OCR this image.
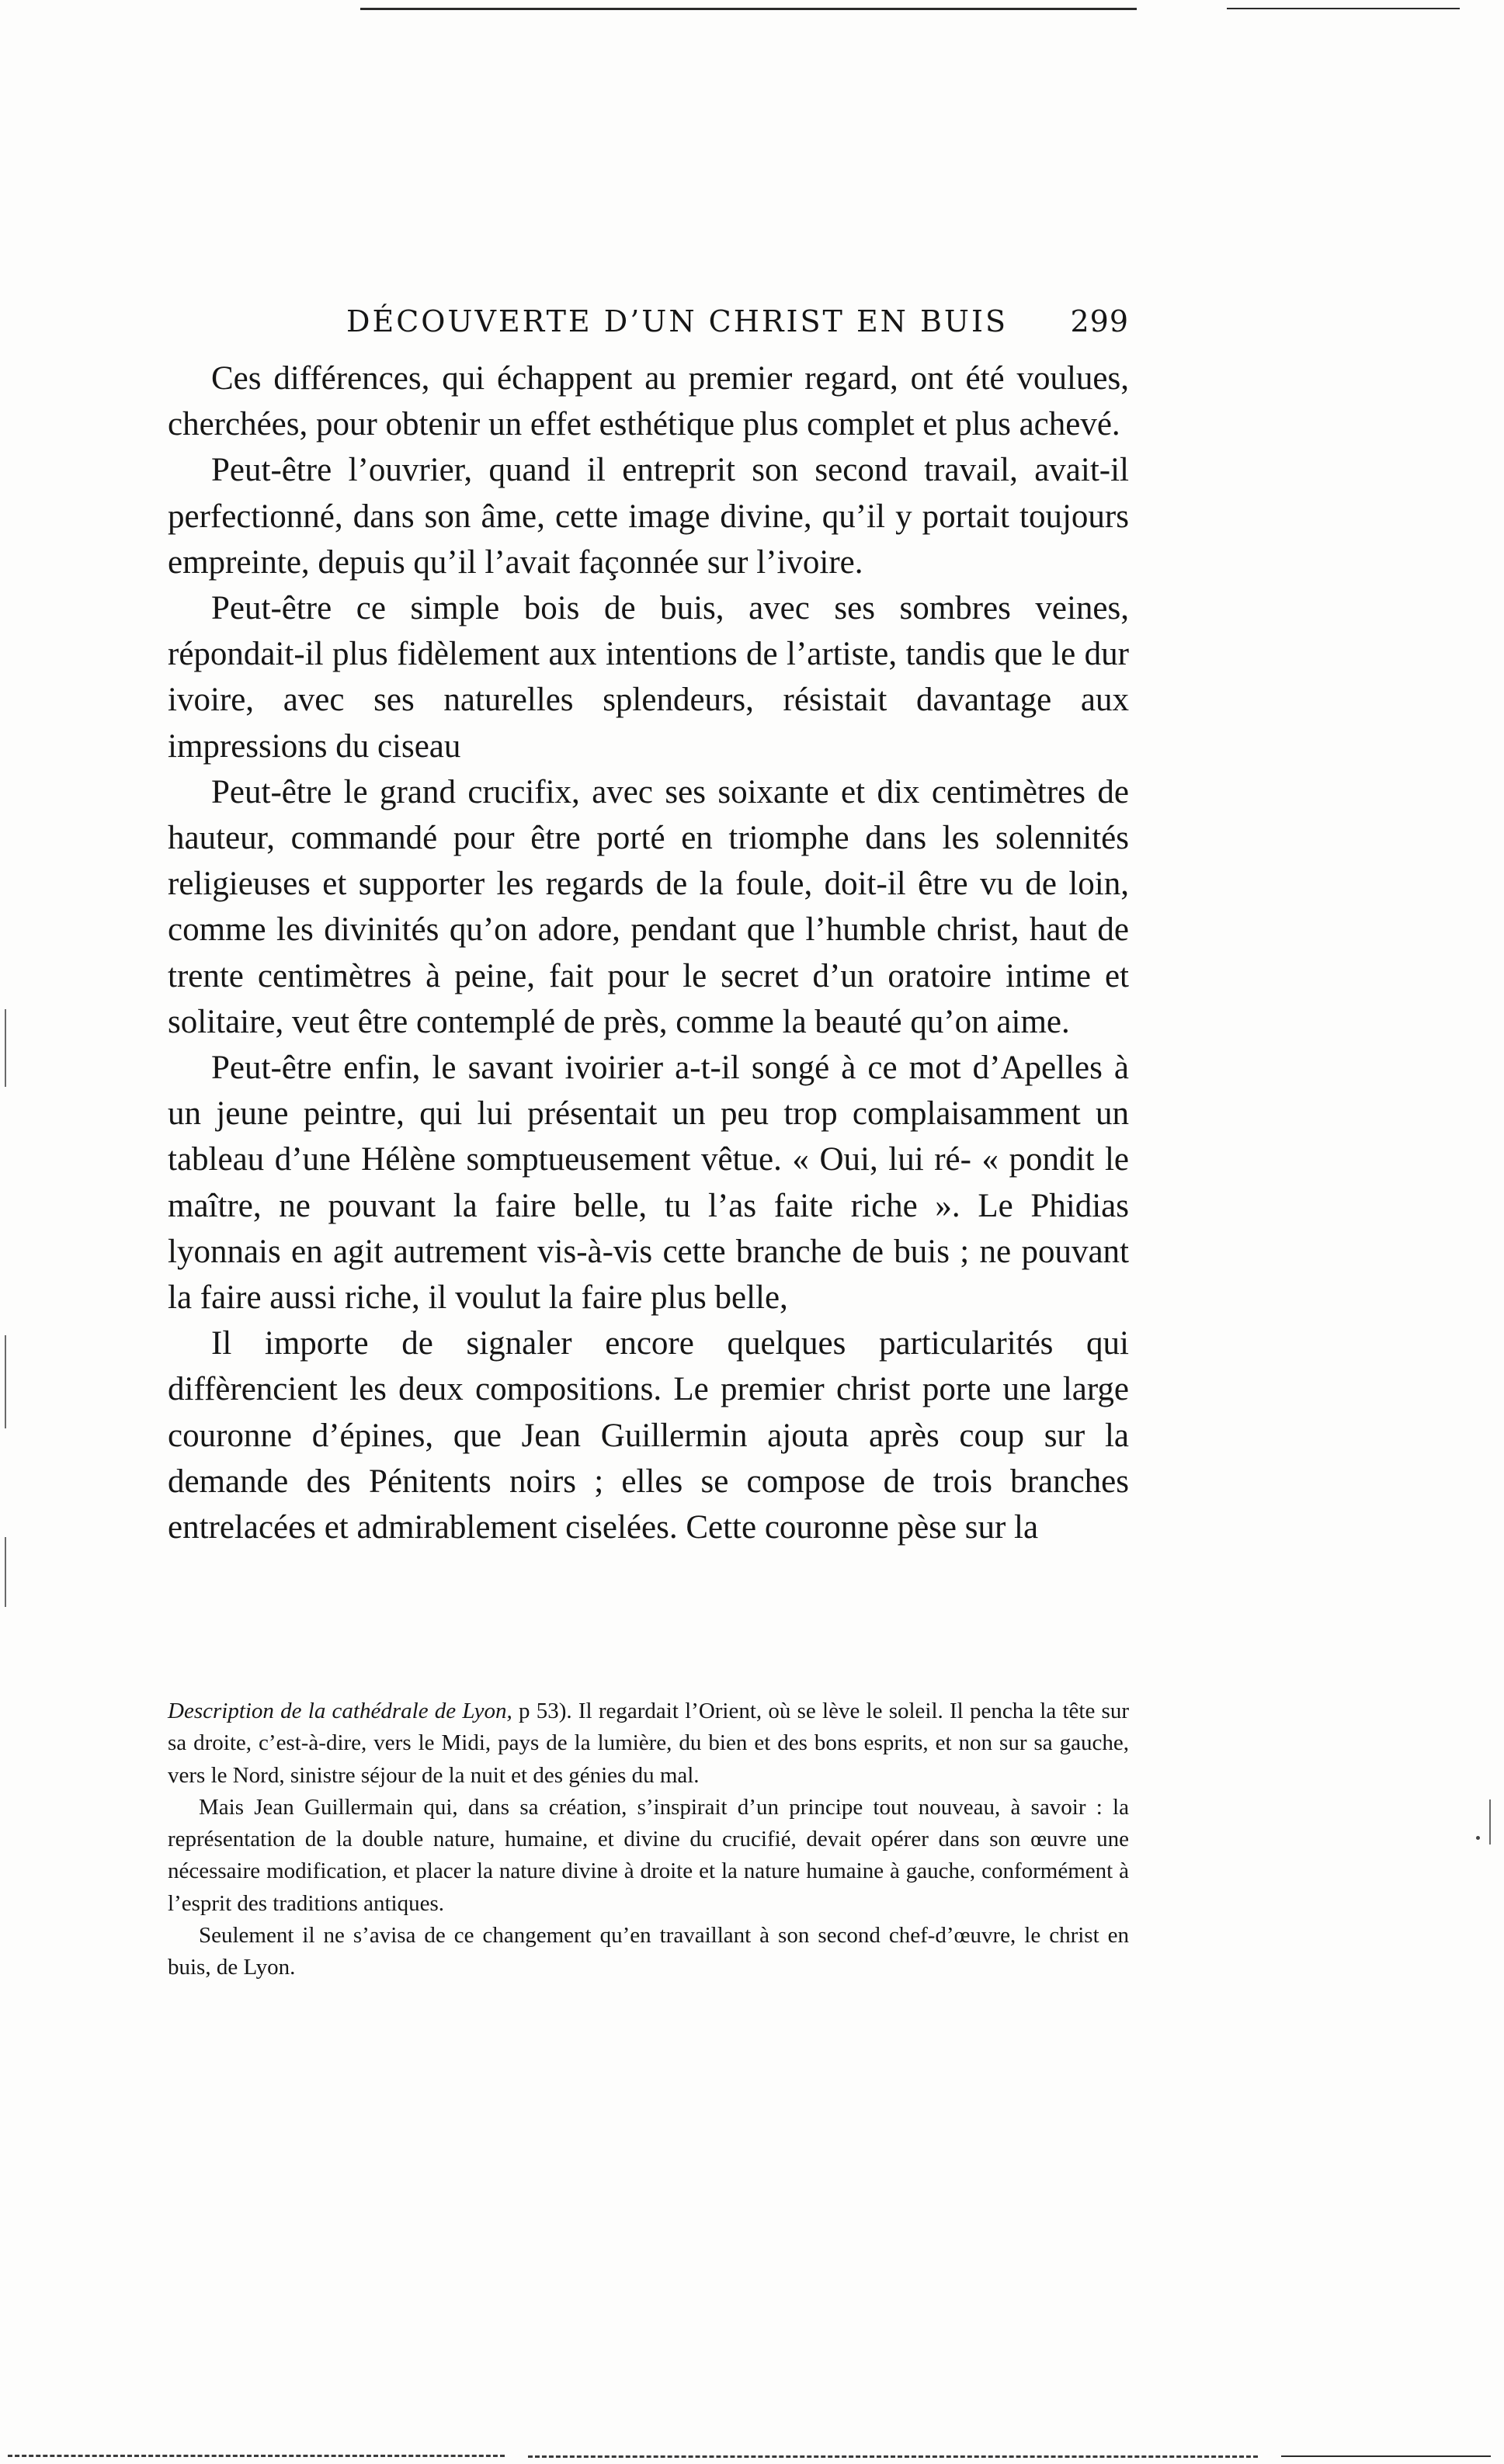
DÉCOUVERTE D’UN CHRIST EN BUIS 299

Ces différences, qui échappent au premier regard, ont été voulues, cherchées, pour obtenir un effet esthétique plus complet et plus achevé.

Peut-être l’ouvrier, quand il entreprit son second travail, avait-il perfectionné, dans son âme, cette image divine, qu’il y portait toujours empreinte, depuis qu’il l’avait façonnée sur l’ivoire.

Peut-être ce simple bois de buis, avec ses sombres veines, répondait-il plus fidèlement aux intentions de l’artiste, tandis que le dur ivoire, avec ses naturelles splendeurs, résistait davantage aux impressions du ciseau

Peut-être le grand crucifix, avec ses soixante et dix centimètres de hauteur, commandé pour être porté en triomphe dans les solennités religieuses et supporter les regards de la foule, doit-il être vu de loin, comme les divinités qu’on adore, pendant que l’humble christ, haut de trente centimètres à peine, fait pour le secret d’un oratoire intime et solitaire, veut être contemplé de près, comme la beauté qu’on aime.

Peut-être enfin, le savant ivoirier a-t-il songé à ce mot d’Apelles à un jeune peintre, qui lui présentait un peu trop complaisamment un tableau d’une Hélène somptueusement vêtue. « Oui, lui ré- « pondit le maître, ne pouvant la faire belle, tu l’as faite riche ». Le Phidias lyonnais en agit autrement vis-à-vis cette branche de buis ; ne pouvant la faire aussi riche, il voulut la faire plus belle,

Il importe de signaler encore quelques particularités qui diffèrencient les deux compositions. Le premier christ porte une large couronne d’épines, que Jean Guillermin ajouta après coup sur la demande des Pénitents noirs ; elles se compose de trois branches entrelacées et admirablement ciselées. Cette couronne pèse sur la

Description de la cathédrale de Lyon, p 53). Il regardait l’Orient, où se lève le soleil. Il pencha la tête sur sa droite, c’est-à-dire, vers le Midi, pays de la lumière, du bien et des bons esprits, et non sur sa gauche, vers le Nord, sinistre séjour de la nuit et des génies du mal.

Mais Jean Guillermain qui, dans sa création, s’inspirait d’un principe tout nouveau, à savoir : la représentation de la double nature, humaine, et divine du crucifié, devait opérer dans son œuvre une nécessaire modification, et placer la nature divine à droite et la nature humaine à gauche, conformément à l’esprit des traditions antiques.

Seulement il ne s’avisa de ce changement qu’en travaillant à son second chef-d’œuvre, le christ en buis, de Lyon.
